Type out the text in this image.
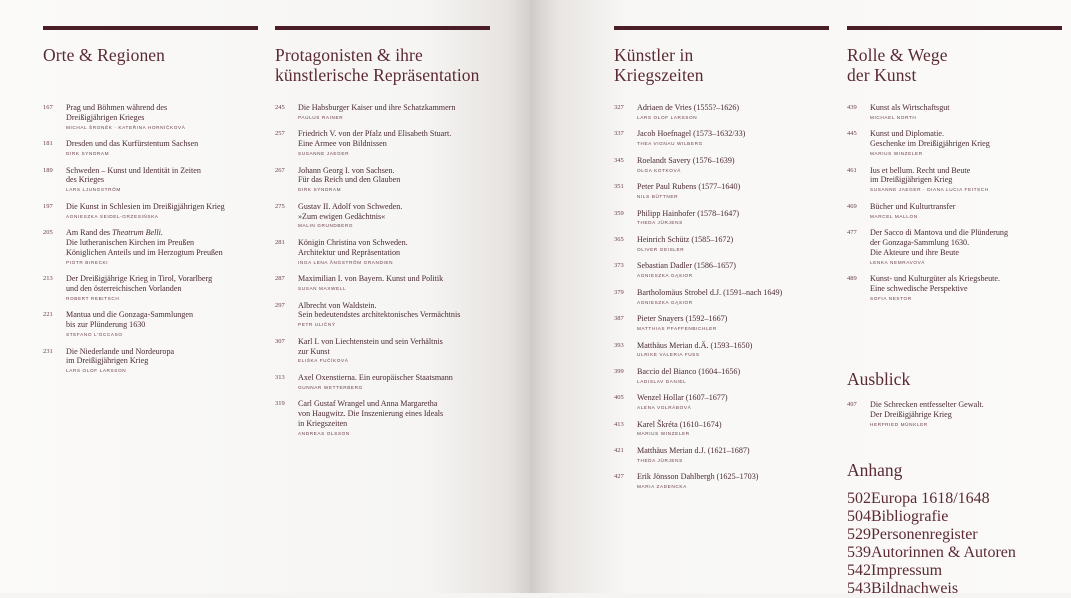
Orte & Regionen
167 Prag und Böhmen während des
Dreißigjährigen Krieges
MICHAL ŠRONĚK · KATEŘINA HORNÍČKOVÁ
181 Dresden und das Kurfürstentum Sachsen
DIRK SYNDRAM
189 Schweden – Kunst und Identität in Zeiten
des Krieges
LARS LJUNGSTRÖM
197 Die Kunst in Schlesien im Dreißigjährigen Krieg
AGNIESZKA SEIDEL-GRZESIŃSKA
205 Am Rand des Theatrum Belli.
Die lutheranischen Kirchen im Preußen
Königlichen Anteils und im Herzogtum Preußen
PIOTR BIRECKI
213 Der Dreißigjährige Krieg in Tirol, Vorarlberg
und den österreichischen Vorlanden
ROBERT REBITSCH
221 Mantua und die Gonzaga-Sammlungen
bis zur Plünderung 1630
STEFANO L'OCCASO
231 Die Niederlande und Nordeuropa
im Dreißigjährigen Krieg
LARS OLOF LARSSON
Protagonisten & ihre
künstlerische Repräsentation
245 Die Habsburger Kaiser und ihre Schatzkammern
PAULUS RAINER
257 Friedrich V. von der Pfalz und Elisabeth Stuart.
Eine Armee von Bildnissen
SUSANNE JAEGER
267 Johann Georg I. von Sachsen.
Für das Reich und den Glauben
DIRK SYNDRAM
275 Gustav II. Adolf von Schweden.
»Zum ewigen Gedächtnis«
MALIN GRUNDBERG
281 Königin Christina von Schweden.
Architektur und Repräsentation
INGA LENA ÅNGSTRÖM GRANDIEN
287 Maximilian I. von Bayern. Kunst und Politik
SUSAN MAXWELL
297 Albrecht von Waldstein.
Sein bedeutendstes architektonisches Vermächtnis
PETR ULIČNÝ
307 Karl I. von Liechtenstein und sein Verhältnis
zur Kunst
ELIŠKA FUČÍKOVÁ
313 Axel Oxenstierna. Ein europäischer Staatsmann
GUNNAR WETTERBERG
319 Carl Gustaf Wrangel und Anna Margaretha
von Haugwitz. Die Inszenierung eines Ideals
in Kriegszeiten
ANDREAS OLSSON
Künstler in
Kriegszeiten
327 Adriaen de Vries (1555?–1626)
LARS OLOF LARSSON
337 Jacob Hoefnagel (1573–1632/33)
THEA VIGNAU WILBERG
345 Roelandt Savery (1576–1639)
OLGA KOTKOVÁ
351 Peter Paul Rubens (1577–1640)
NILS BÜTTNER
359 Philipp Hainhofer (1578–1647)
THEDA JÜRJENS
365 Heinrich Schütz (1585–1672)
OLIVER GEISLER
373 Sebastian Dadler (1586–1657)
AGNIESZKA GĄSIOR
379 Bartholomäus Strobel d.J. (1591–nach 1649)
AGNIESZKA GĄSIOR
387 Pieter Snayers (1592–1667)
MATTHIAS PFAFFENBICHLER
393 Matthäus Merian d.Ä. (1593–1650)
ULRIKE VALERIA FUSS
399 Baccio del Bianco (1604–1656)
LADISLAV DANIEL
405 Wenzel Hollar (1607–1677)
ALENA VOLRÁBOVÁ
413 Karel Škréta (1610–1674)
MARIUS WINZELER
421 Matthäus Merian d.J. (1621–1687)
THEDA JÜRJENS
427 Erik Jönsson Dahlbergh (1625–1703)
MARIA ZADENCKA
Rolle & Wege
der Kunst
439 Kunst als Wirtschaftsgut
MICHAEL NORTH
445 Kunst und Diplomatie.
Geschenke im Dreißigjährigen Krieg
MARIUS WINZELER
461 Ius et bellum. Recht und Beute
im Dreißigjährigen Krieg
SUSANNE JAEGER · DIANA LUCIA FEITSCH
469 Bücher und Kulturtransfer
MARCEL MALLON
477 Der Sacco di Mantova und die Plünderung
der Gonzaga-Sammlung 1630.
Die Akteure und ihre Beute
LENKA NEMRAVOVÁ
489 Kunst- und Kulturgüter als Kriegsbeute.
Eine schwedische Perspektive
SOFIA NESTOR
Ausblick
497 Die Schrecken entfesselter Gewalt.
Der Dreißigjährige Krieg
HERFRIED MÜNKLER
Anhang
502Europa 1618/1648
504Bibliografie
529Personenregister
539Autorinnen & Autoren
542Impressum
543Bildnachweis
